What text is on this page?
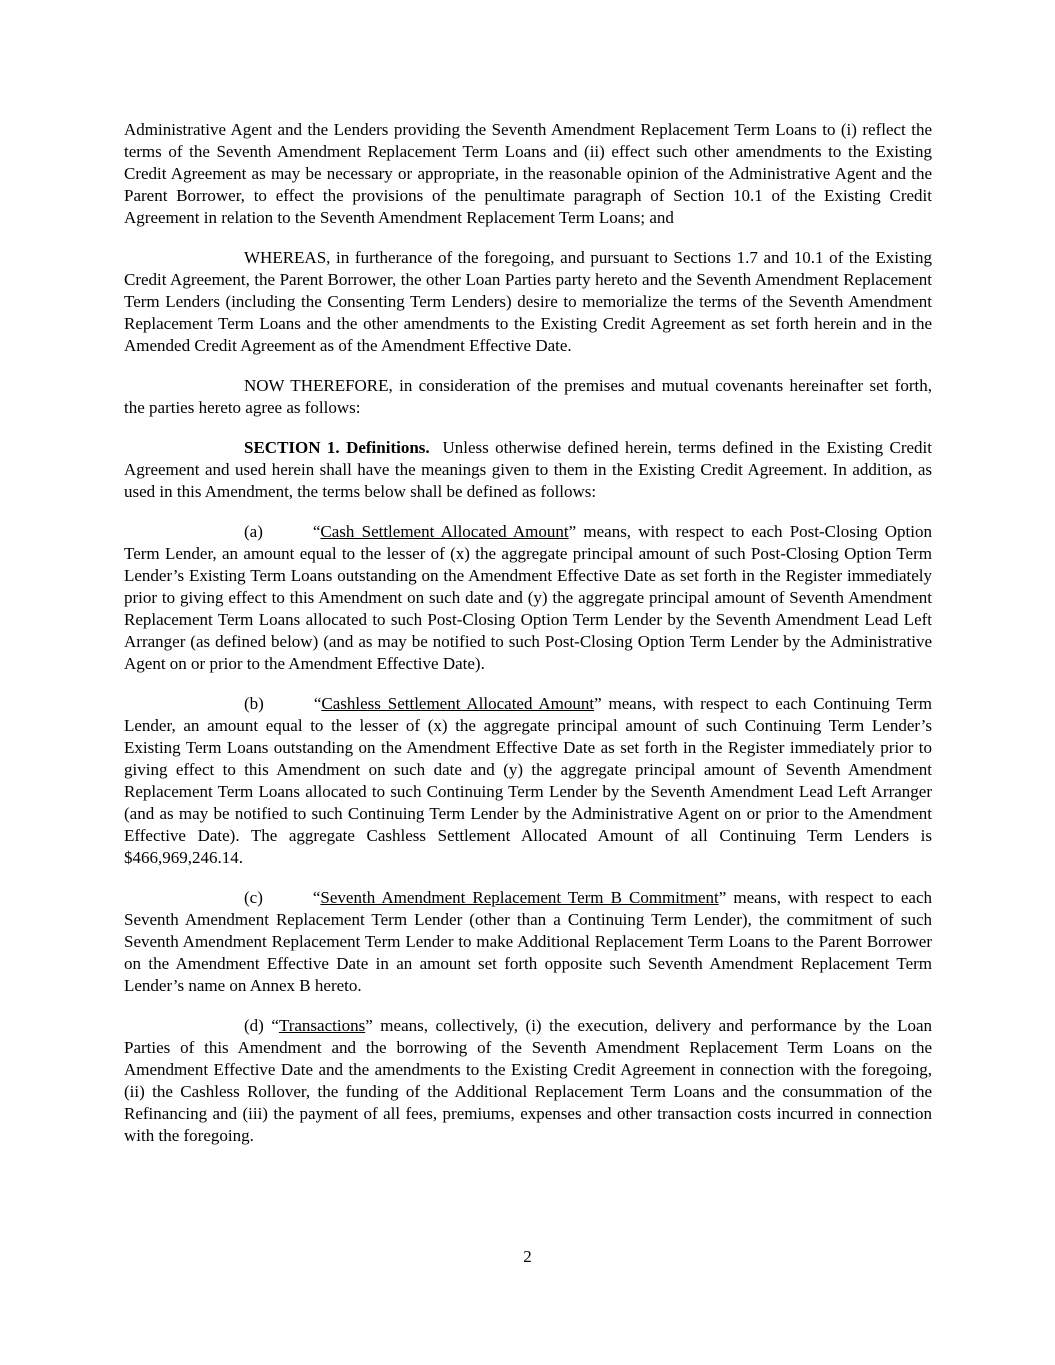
Administrative Agent and the Lenders providing the Seventh Amendment Replacement Term Loans to (i) reflect the terms of the Seventh Amendment Replacement Term Loans and (ii) effect such other amendments to the Existing Credit Agreement as may be necessary or appropriate, in the reasonable opinion of the Administrative Agent and the Parent Borrower, to effect the provisions of the penultimate paragraph of Section 10.1 of the Existing Credit Agreement in relation to the Seventh Amendment Replacement Term Loans; and

WHEREAS, in furtherance of the foregoing, and pursuant to Sections 1.7 and 10.1 of the Existing Credit Agreement, the Parent Borrower, the other Loan Parties party hereto and the Seventh Amendment Replacement Term Lenders (including the Consenting Term Lenders) desire to memorialize the terms of the Seventh Amendment Replacement Term Loans and the other amendments to the Existing Credit Agreement as set forth herein and in the Amended Credit Agreement as of the Amendment Effective Date.

NOW THEREFORE, in consideration of the premises and mutual covenants hereinafter set forth, the parties hereto agree as follows:

SECTION 1. Definitions.  Unless otherwise defined herein, terms defined in the Existing Credit Agreement and used herein shall have the meanings given to them in the Existing Credit Agreement. In addition, as used in this Amendment, the terms below shall be defined as follows:

(a)	“Cash Settlement Allocated Amount” means, with respect to each Post-Closing Option Term Lender, an amount equal to the lesser of (x) the aggregate principal amount of such Post-Closing Option Term Lender’s Existing Term Loans outstanding on the Amendment Effective Date as set forth in the Register immediately prior to giving effect to this Amendment on such date and (y) the aggregate principal amount of Seventh Amendment Replacement Term Loans allocated to such Post-Closing Option Term Lender by the Seventh Amendment Lead Left Arranger (as defined below) (and as may be notified to such Post-Closing Option Term Lender by the Administrative Agent on or prior to the Amendment Effective Date).

(b)	“Cashless Settlement Allocated Amount” means, with respect to each Continuing Term Lender, an amount equal to the lesser of (x) the aggregate principal amount of such Continuing Term Lender’s Existing Term Loans outstanding on the Amendment Effective Date as set forth in the Register immediately prior to giving effect to this Amendment on such date and (y) the aggregate principal amount of Seventh Amendment Replacement Term Loans allocated to such Continuing Term Lender by the Seventh Amendment Lead Left Arranger (and as may be notified to such Continuing Term Lender by the Administrative Agent on or prior to the Amendment Effective Date). The aggregate Cashless Settlement Allocated Amount of all Continuing Term Lenders is $466,969,246.14.

(c)	“Seventh Amendment Replacement Term B Commitment” means, with respect to each Seventh Amendment Replacement Term Lender (other than a Continuing Term Lender), the commitment of such Seventh Amendment Replacement Term Lender to make Additional Replacement Term Loans to the Parent Borrower on the Amendment Effective Date in an amount set forth opposite such Seventh Amendment Replacement Term Lender’s name on Annex B hereto.

(d) “Transactions” means, collectively, (i) the execution, delivery and performance by the Loan Parties of this Amendment and the borrowing of the Seventh Amendment Replacement Term Loans on the Amendment Effective Date and the amendments to the Existing Credit Agreement in connection with the foregoing, (ii) the Cashless Rollover, the funding of the Additional Replacement Term Loans and the consummation of the Refinancing and (iii) the payment of all fees, premiums, expenses and other transaction costs incurred in connection with the foregoing.

2
